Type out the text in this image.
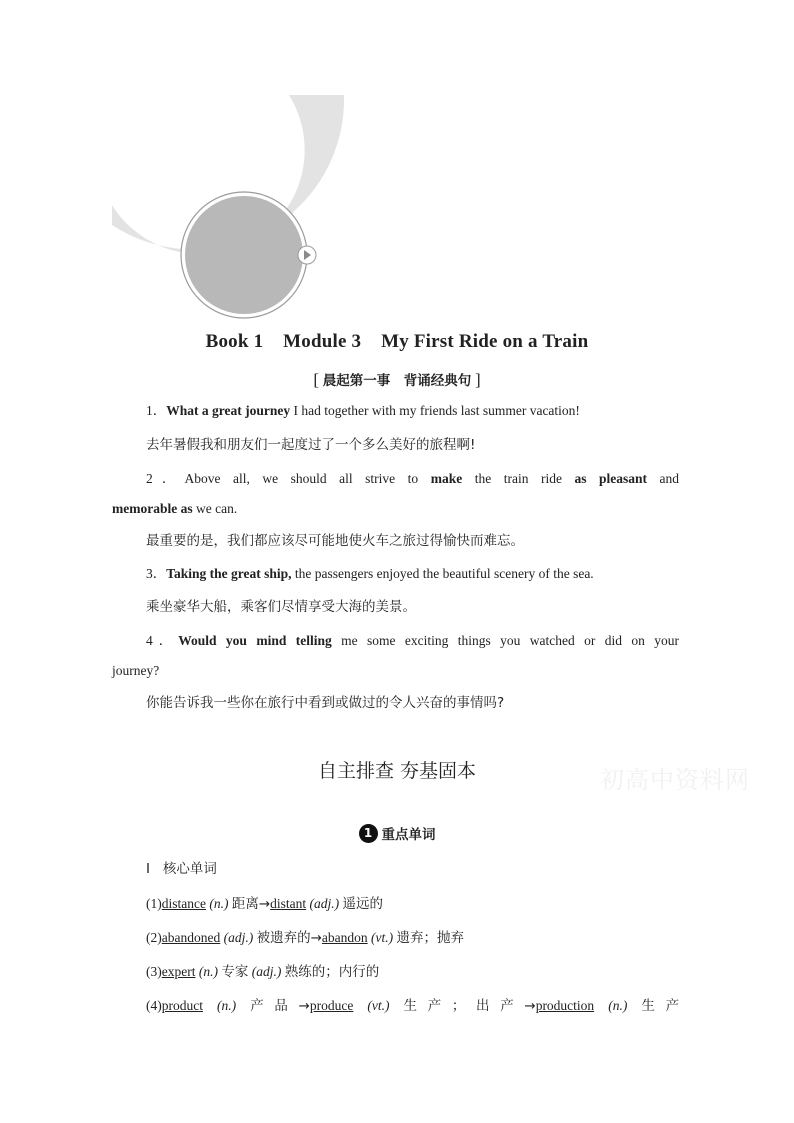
Book 1 Module 3 My First Ride on a Train
[ 晨起第一事　背诵经典句 ]
1．What a great journey I had together with my friends last summer vacation!
去年暑假我和朋友们一起度过了一个多么美好的旅程啊!
2．Above all, we should all strive to make the train ride as pleasant and
memorable as we can.
最重要的是，我们都应该尽可能地使火车之旅过得愉快而难忘。
3．Taking the great ship, the passengers enjoyed the beautiful scenery of the sea.
乘坐豪华大船，乘客们尽情享受大海的美景。
4．Would you mind telling me some exciting things you watched or did on your
journey?
你能告诉我一些你在旅行中看到或做过的令人兴奋的事情吗?
自主排查 夯基固本	初高中资料网
1 重点单词
Ⅰ 核心单词
(1)distance (n.) 距离→distant (adj.) 遥远的
(2)abandoned (adj.) 被遗弃的→abandon (vt.) 遗弃；抛弃
(3)expert (n.) 专家 (adj.) 熟练的；内行的
(4)product (n.) 产品→produce (vt.) 生产；出产→production (n.) 生产
